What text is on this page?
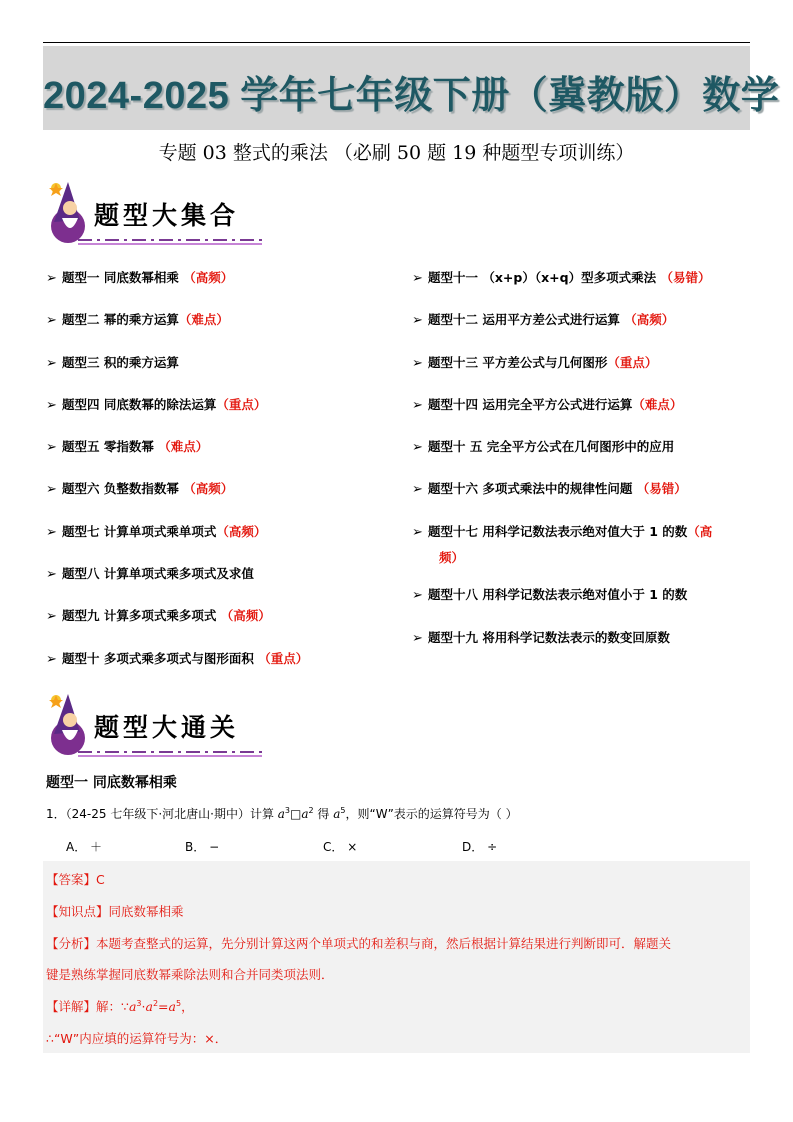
2024-2025 学年七年级下册（冀教版）数学
专题 03 整式的乘法 （必刷 50 题 19 种题型专项训练）
题型大集合
➢ 题型一 同底数幂相乘 （高频）
➢ 题型二 幂的乘方运算（难点）
➢ 题型三 积的乘方运算
➢ 题型四 同底数幂的除法运算（重点）
➢ 题型五 零指数幂 （难点）
➢ 题型六 负整数指数幂 （高频）
➢ 题型七 计算单项式乘单项式（高频）
➢ 题型八 计算单项式乘多项式及求值
➢ 题型九 计算多项式乘多项式 （高频）
➢ 题型十 多项式乘多项式与图形面积 （重点）
➢ 题型十一 （x+p）（x+q）型多项式乘法 （易错）
➢ 题型十二 运用平方差公式进行运算 （高频）
➢ 题型十三 平方差公式与几何图形（重点）
➢ 题型十四 运用完全平方公式进行运算（难点）
➢ 题型十 五 完全平方公式在几何图形中的应用
➢ 题型十六 多项式乘法中的规律性问题 （易错）
➢ 题型十七 用科学记数法表示绝对值大于 1 的数（高
频）
➢ 题型十八 用科学记数法表示绝对值小于 1 的数
➢ 题型十九 将用科学记数法表示的数变回原数
题型大通关
题型一 同底数幂相乘
1．（24-25 七年级下·河北唐山·期中）计算 $a^3□a^2$ 得 $a^5$，则“W”表示的运算符号为（ ）
A． ＋	B． −	C． ×	D． ÷
【答案】C
【知识点】同底数幂相乘
【分析】本题考查整式的运算，先分别计算这两个单项式的和差积与商，然后根据计算结果进行判断即可．解题关
键是熟练掌握同底数幂乘除法则和合并同类项法则．
【详解】解：$\because a^3\cdot a^2=a^5$，
∴“W”内应填的运算符号为：×．
